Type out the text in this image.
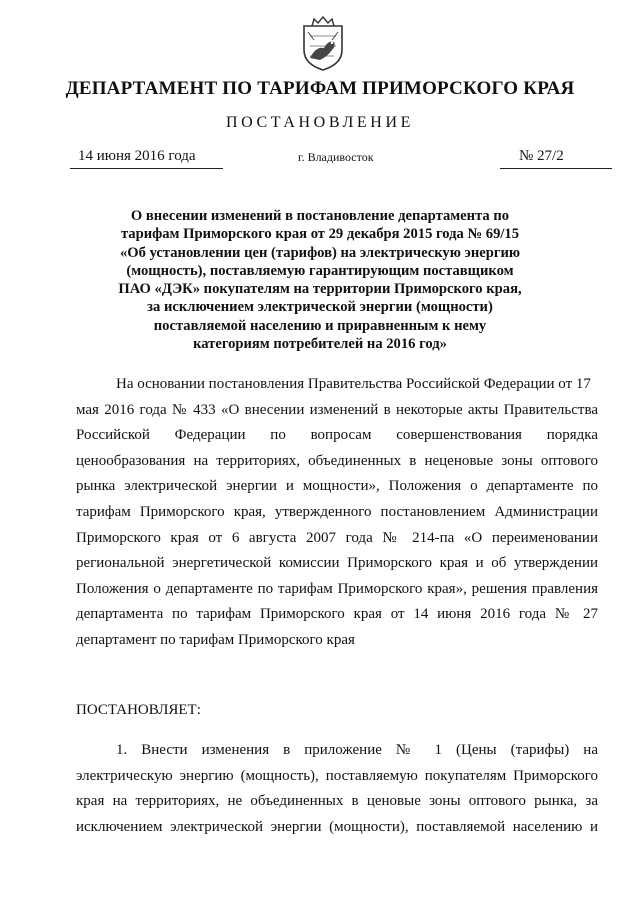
ДЕПАРТАМЕНТ ПО ТАРИФАМ ПРИМОРСКОГО КРАЯ
ПОСТАНОВЛЕНИЕ
14 июня 2016 года	г. Владивосток	№ 27/2
О внесении изменений в постановление департамента по
тарифам Приморского края от 29 декабря 2015 года № 69/15
«Об установлении цен (тарифов) на электрическую энергию
(мощность), поставляемую гарантирующим поставщиком
ПАО «ДЭК» покупателям на территории Приморского края,
за исключением электрической энергии (мощности)
поставляемой населению и приравненным к нему
категориям потребителей на 2016 год»
На основании постановления Правительства Российской Федерации от 17
мая 2016 года № 433 «О внесении изменений в некоторые акты Правительства
Российской Федерации по вопросам совершенствования порядка
ценообразования на территориях, объединенных в неценовые зоны оптового
рынка электрической энергии и мощности», Положения о департаменте по
тарифам Приморского края, утвержденного постановлением Администрации
Приморского края от 6 августа 2007 года № 214-па «О переименовании
региональной энергетической комиссии Приморского края и об утверждении
Положения о департаменте по тарифам Приморского края», решения правления
департамента по тарифам Приморского края от 14 июня 2016 года № 27
департамент по тарифам Приморского края
ПОСТАНОВЛЯЕТ:
1. Внести изменения в приложение № 1 (Цены (тарифы) на
электрическую энергию (мощность), поставляемую покупателям Приморского
края на территориях, не объединенных в ценовые зоны оптового рынка, за
исключением электрической энергии (мощности), поставляемой населению и
